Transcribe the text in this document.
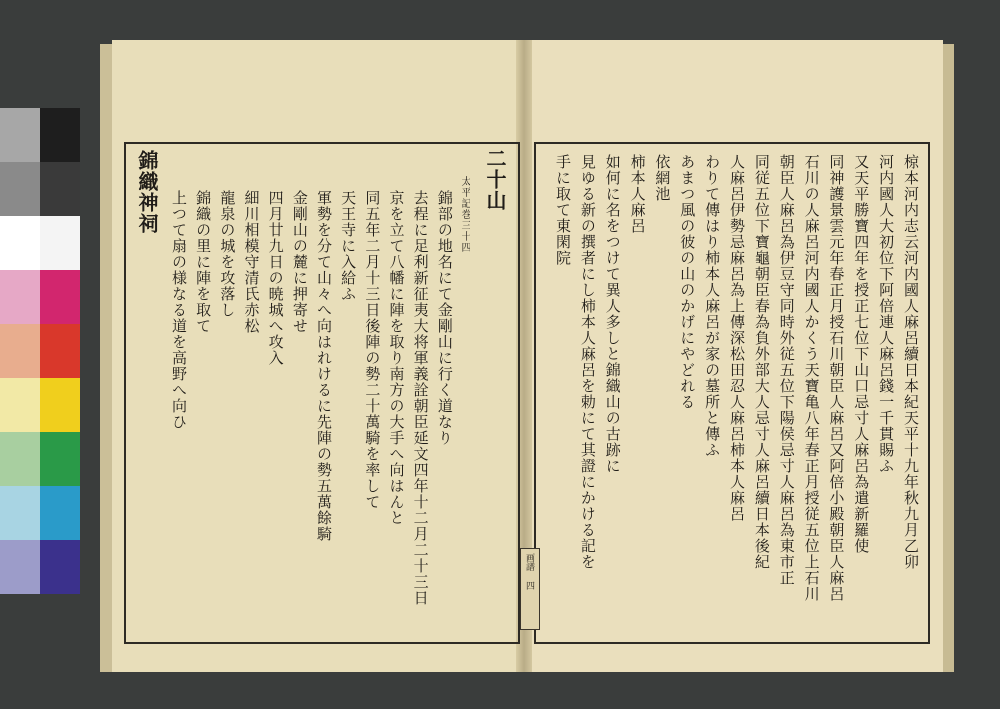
太平記巻三十四
錦部の地名にて金剛山に行く道なり
去程に足利新征夷大将軍義詮朝臣延文四年十二月二十三日
京を立て八幡に陣を取り南方の大手へ向はんと
同五年二月十三日後陣の勢二十萬騎を率して
天王寺に入給ふ
軍勢を分て山々へ向はれけるに先陣の勢五萬餘騎
金剛山の麓に押寄せ
四月廿九日の暁城へ攻入
細川相模守清氏赤松
龍泉の城を攻落し
錦織の里に陣を取て
上つて扇の様なる道を高野へ向ひ
二十山
錦織神祠	椋本河内志云河内國人麻呂續日本紀天平十九年秋九月乙卯
河内國人大初位下阿倍連人麻呂錢一千貫賜ふ
又天平勝寶四年を授正七位下山口忌寸人麻呂為遣新羅使
同神護景雲元年春正月授石川朝臣人麻呂又阿倍小殿朝臣人麻呂
石川の人麻呂河内國人かくう天寶亀八年春正月授従五位上石川
朝臣人麻呂為伊豆守同時外従五位下陽侯忌寸人麻呂為東市正
同従五位下寶龜朝臣春為負外部大人忌寸人麻呂續日本後紀
人麻呂伊勢忌麻呂為上傳深松田忍人麻呂柿本人麻呂
わりて傳はり柿本人麻呂が家の墓所と傳ふ
あまつ風の彼の山のかげにやどれる
依網池
柿本人麻呂
如何に名をつけて異人多しと錦織山の古跡に
見ゆる新の撰者にし柿本人麻呂を勅にて其證にかける記を
手に取て東閑院
画譜 四
